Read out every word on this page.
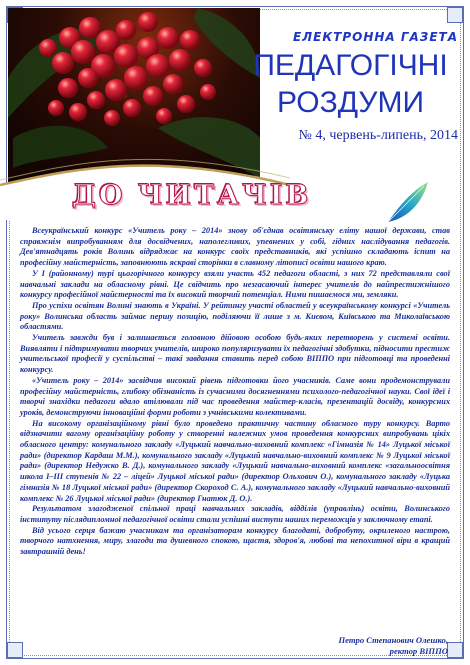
ЕЛЕКТРОННА ГАЗЕТА
ПЕДАГОГІЧНІ
РОЗДУМИ
№ 4, червень-липень, 2014
ДО ЧИТАЧІВ

Всеукраїнський конкурс «Учитель року – 2014» знову об'єднав освітянську еліту нашої держави, став справжнім випробуванням для досвідчених, наполегливих, упевнених у собі, гідних наслідування педагогів. Дев'ятнадцять років Волинь відряджає на конкурс своїх представників, які успішно складають іспит на професійну майстерність, заповнюють яскраві сторінки в славному літописі освіти нашого краю.

У І (районному) турі цьогорічного конкурсу взяли участь 452 педагоги області, з них 72 представляли свої навчальні заклади на обласному рівні. Це свідчить про незгасаючий інтерес учителів до найпрестижнішого конкурсу професійної майстерності та їх високий творчий потенціал. Ними пишаємося ми, земляки.

Про успіхи освітян Волині знають в Україні. У рейтингу участі областей у всеукраїнському конкурсі «Учитель року» Волинська область займає першу позицію, поділяючи її лише з м. Києвом, Київською та Миколаївською областями.

Учитель завжди був і залишається головною дійовою особою будь-яких перетворень у системі освіти. Виявляти і підтримувати творчих учителів, широко популяризувати їх педагогічні здобутки, підносити престиж учительської професії у суспільстві – такі завдання ставить перед собою ВІППО при підготовці та проведенні конкурсу.

«Учитель року – 2014» засвідчив високий рівень підготовки його учасників. Саме вони продемонстрували професійну майстерність, глибоку обізнаність із сучасними досягненнями психолого-педагогічної науки. Свої ідеї і творчі знахідки педагоги вдало втілювали під час проведення майстер-класів, презентацій досвіду, конкурсних уроків, демонструючи інноваційні форми роботи з учнівськими колективами.

На високому організаційному рівні було проведено практичну частину обласного туру конкурсу. Варто відзначити вагому організаційну роботу у створенні належних умов проведення конкурсних випробувань цікіх обласного центру: комунального закладу «Луцький навчально-виховний комплекс «Гімназія № 14» Луцької міської ради» (директор Кардаш М.М.), комунального закладу «Луцький навчально-виховний комплекс № 9 Луцької міської ради» (директор Недужко В. Д.), комунального закладу «Луцький навчально-виховний комплекс «загальноосвітня школа І–ІІІ ступенів № 22 – ліцей» Луцької міської ради» (директор Ольхович О.), комунального закладу «Луцька гімназія № 18 Луцької міської ради» (директор Скороход С. А.), комунального закладу «Луцький навчально-виховний комплекс № 26 Луцької міської ради» (директор Гнатюк Д. О.).

Результатом злагодженої спільної праці навчальних закладів, відділів (управлінь) освіти, Волинського інституту післядипломної педагогічної освіти стали успішні виступи наших переможців у заключному етапі.

Від усього серця бажаю учасникам та організаторам конкурсу благодаті, добробуту, окриленого настрою, творчого натхнення, миру, злагоди та душевного спокою, щастя, здоров'я, любові та непохитної віри в кращий завтрашній день!

Петро Степанович Олешко,
ректор ВІППО
